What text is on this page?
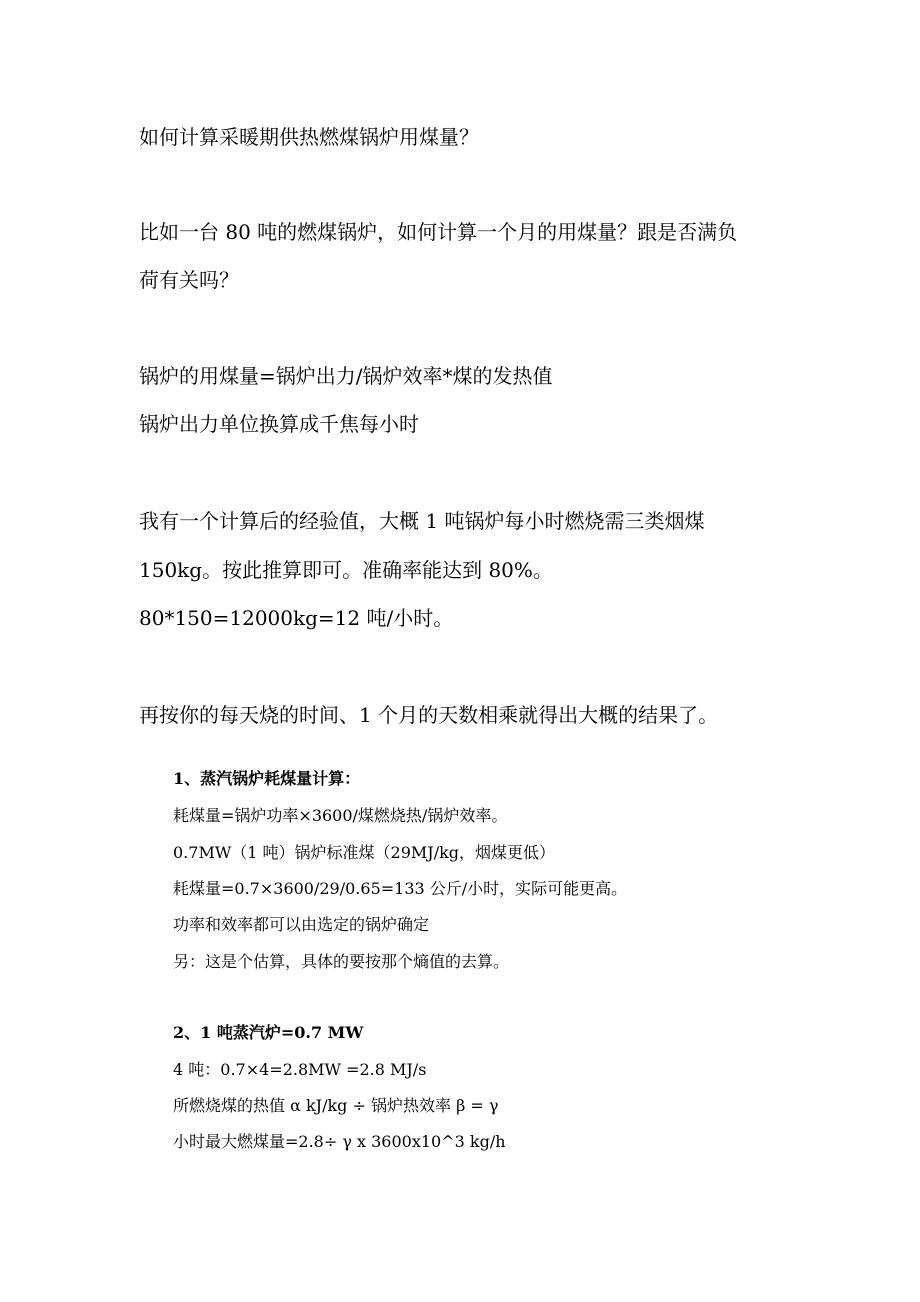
如何计算采暖期供热燃煤锅炉用煤量？
比如一台 80 吨的燃煤锅炉，如何计算一个月的用煤量？跟是否满负
荷有关吗？
锅炉的用煤量=锅炉出力/锅炉效率*煤的发热值
锅炉出力单位换算成千焦每小时
我有一个计算后的经验值，大概 1 吨锅炉每小时燃烧需三类烟煤
150kg。按此推算即可。准确率能达到 80%。
80*150=12000kg=12 吨/小时。
再按你的每天烧的时间、1 个月的天数相乘就得出大概的结果了。
1、蒸汽锅炉耗煤量计算：
耗煤量=锅炉功率×3600/煤燃烧热/锅炉效率。
0.7MW（1 吨）锅炉标准煤（29MJ/kg，烟煤更低）
耗煤量=0.7×3600/29/0.65=133 公斤/小时，实际可能更高。
功率和效率都可以由选定的锅炉确定
另：这是个估算，具体的要按那个熵值的去算。
2、1 吨蒸汽炉=0.7 MW
4 吨：0.7×4=2.8MW =2.8 MJ/s
所燃烧煤的热值 α kJ/kg ÷ 锅炉热效率 β = γ
小时最大燃煤量=2.8÷ γ x 3600x10^3 kg/h
